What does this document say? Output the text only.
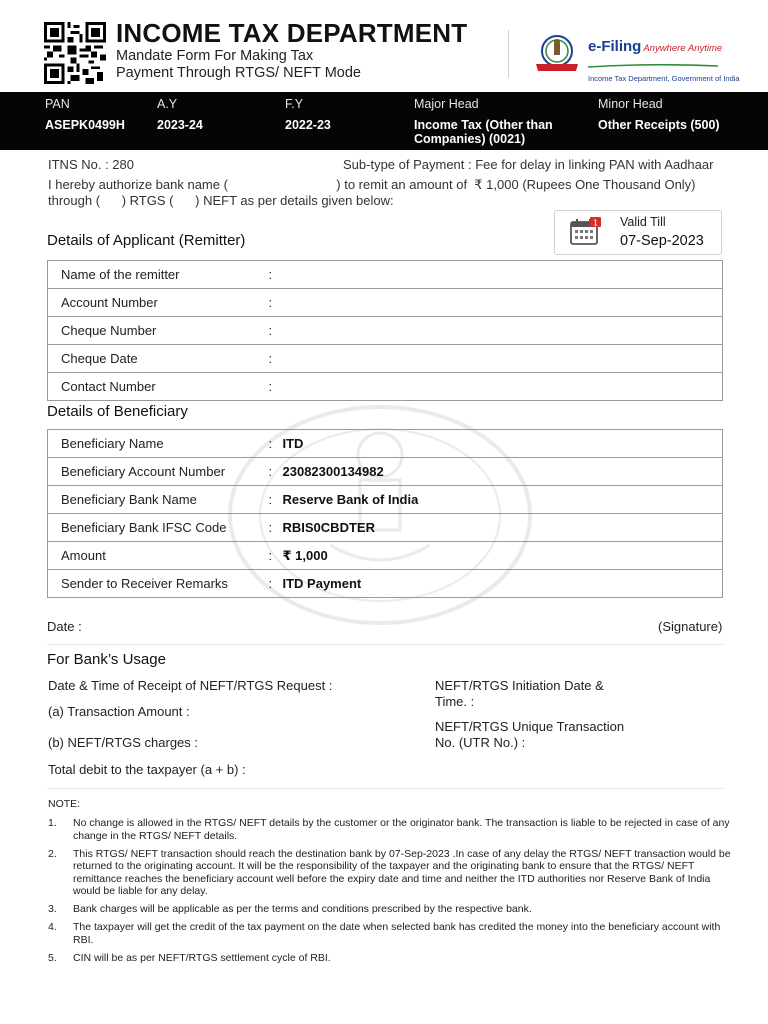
INCOME TAX DEPARTMENT
Mandate Form For Making Tax
Payment Through RTGS/ NEFT Mode
e-Filing Anywhere Anytime
Income Tax Department, Government of India
PAN
ASEPK0499H
A.Y
2023-24
F.Y
2022-23
Major Head
Income Tax (Other than Companies) (0021)
Minor Head
Other Receipts (500)
ITNS No. : 280	Sub-type of Payment : Fee for delay in linking PAN with Aadhaar
I hereby authorize bank name (                              ) to remit an amount of  ₹ 1,000 (Rupees One Thousand Only)
through (      ) RTGS (      ) NEFT as per details given below:
1 Valid Till
07-Sep-2023
Details of Applicant (Remitter)
Name of the remitter	:	

Account Number	:	

Cheque Number	:	

Cheque Date	:	

Contact Number	:	

Details of Beneficiary
Beneficiary Name	:	ITD

Beneficiary Account Number	:	23082300134982

Beneficiary Bank Name	:	Reserve Bank of India

Beneficiary Bank IFSC Code	:	RBIS0CBDTER

Amount	:	₹ 1,000

Sender to Receiver Remarks	:	ITD Payment
Date :	(Signature)
For Bank’s Usage
Date & Time of Receipt of NEFT/RTGS Request :
(a) Transaction Amount :
(b) NEFT/RTGS charges :
Total debit to the taxpayer (a + b) :
NEFT/RTGS Initiation Date &
Time. :
NEFT/RTGS Unique Transaction
No. (UTR No.) :
NOTE:
1. No change is allowed in the RTGS/ NEFT details by the customer or the originator bank. The transaction is liable to be rejected in case of any change in the RTGS/ NEFT details.
2. This RTGS/ NEFT transaction should reach the destination bank by 07-Sep-2023 .In case of any delay the RTGS/ NEFT transaction would be returned to the originating account. It will be the responsibility of the taxpayer and the originating bank to ensure that the RTGS/ NEFT remittance reaches the beneficiary account well before the expiry date and time and neither the ITD authorities nor Reserve Bank of India would be liable for any delay.
3. Bank charges will be applicable as per the terms and conditions prescribed by the respective bank.
4. The taxpayer will get the credit of the tax payment on the date when selected bank has credited the money into the beneficiary account with RBI.
5. CIN will be as per NEFT/RTGS settlement cycle of RBI.
